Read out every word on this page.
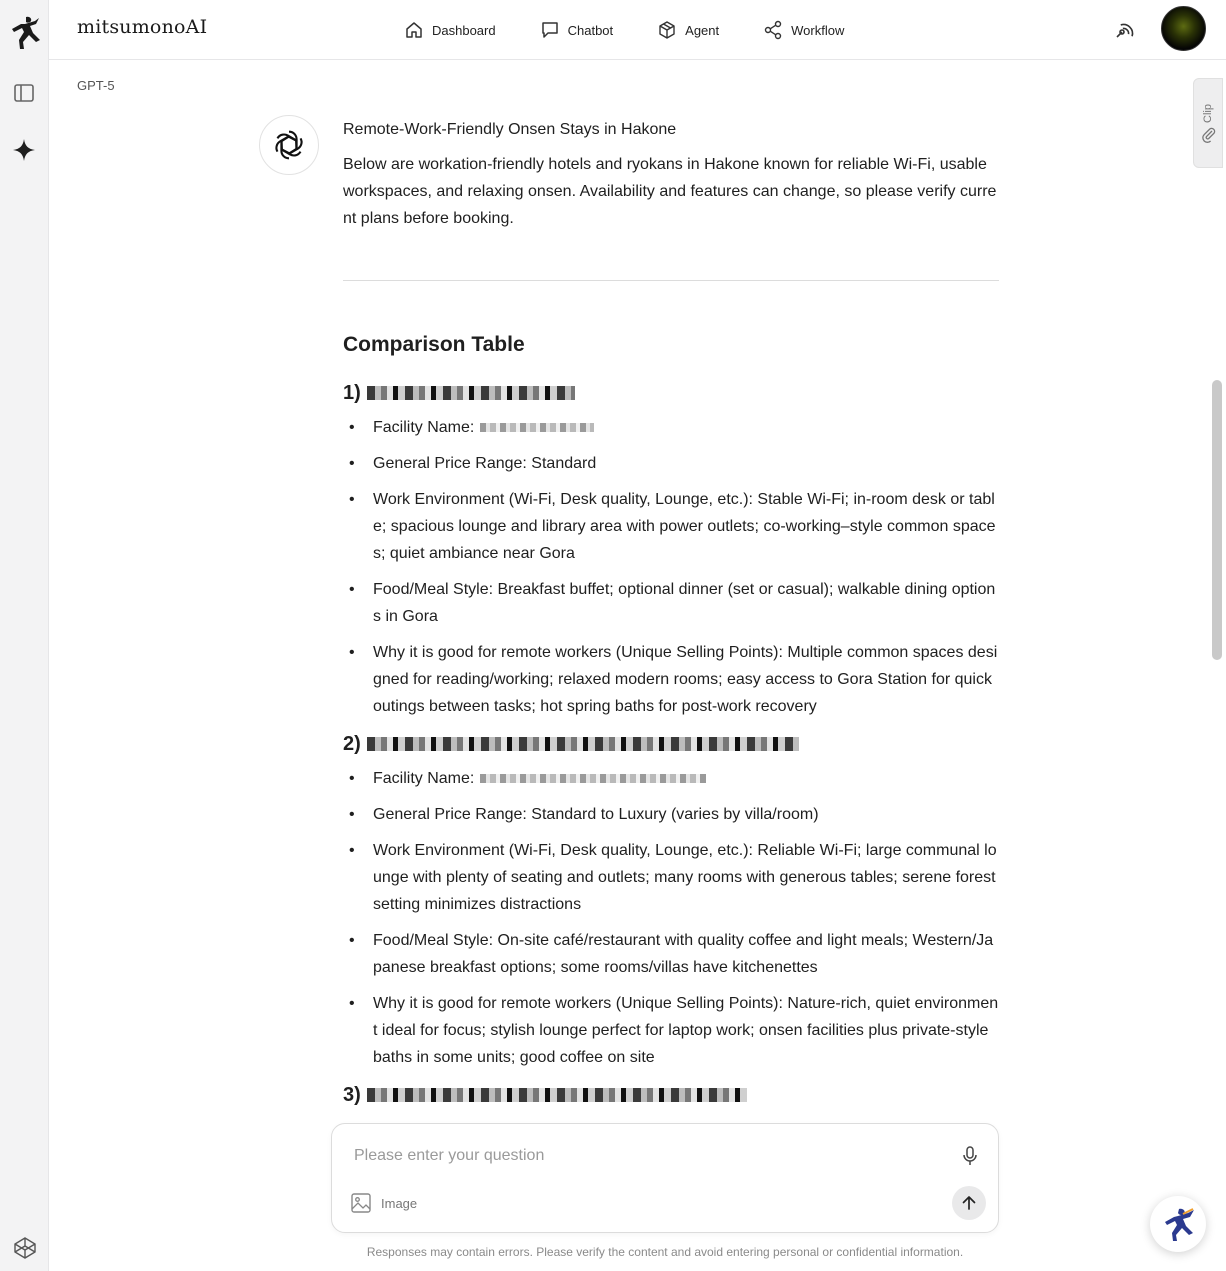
mitsumonoAI	Dashboard	Chatbot	Agent	Workflow
GPT-5
Remote-Work-Friendly Onsen Stays in Hakone
Below are workation-friendly hotels and ryokans in Hakone known for reliable Wi-Fi, usable workspaces, and relaxing onsen. Availability and features can change, so please verify current plans before booking.
Comparison Table
1)
• Facility Name:
• General Price Range: Standard
• Work Environment (Wi-Fi, Desk quality, Lounge, etc.): Stable Wi-Fi; in-room desk or table; spacious lounge and library area with power outlets; co-working–style common spaces; quiet ambiance near Gora
• Food/Meal Style: Breakfast buffet; optional dinner (set or casual); walkable dining options in Gora
• Why it is good for remote workers (Unique Selling Points): Multiple common spaces designed for reading/working; relaxed modern rooms; easy access to Gora Station for quick outings between tasks; hot spring baths for post-work recovery
2)
• Facility Name:
• General Price Range: Standard to Luxury (varies by villa/room)
• Work Environment (Wi-Fi, Desk quality, Lounge, etc.): Reliable Wi-Fi; large communal lounge with plenty of seating and outlets; many rooms with generous tables; serene forest setting minimizes distractions
• Food/Meal Style: On-site café/restaurant with quality coffee and light meals; Western/Japanese breakfast options; some rooms/villas have kitchenettes
• Why it is good for remote workers (Unique Selling Points): Nature-rich, quiet environment ideal for focus; stylish lounge perfect for laptop work; onsen facilities plus private-style baths in some units; good coffee on site
3)
Clip
Please enter your question
Image
Responses may contain errors. Please verify the content and avoid entering personal or confidential information.
